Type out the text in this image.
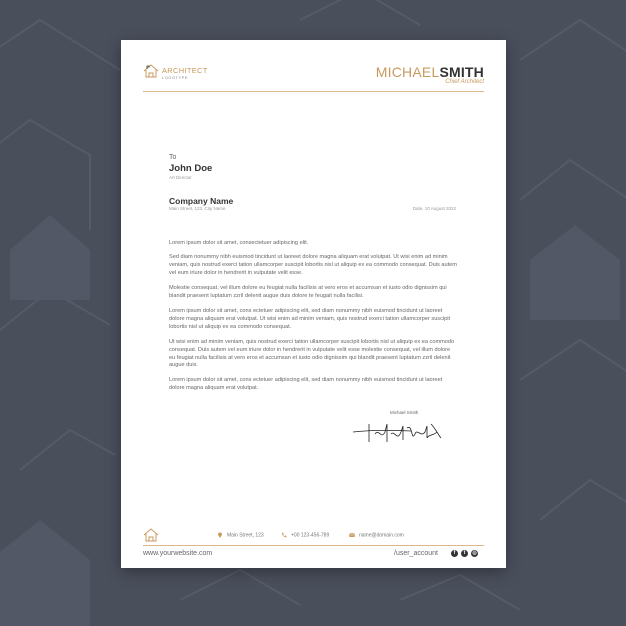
ARCHITECT
LOGOTYPE	MICHAELSMITH
Chief Architect
To
John Doe
Art Director
Company Name
Main Street, 123, City Name	Date, 10 August 2022
Lorem ipsum dolor sit amet, consectetuer adipiscing elit.
Sed diam nonummy nibh euismod tincidunt ut laoreet dolore magna aliquam erat volutpat. Ut wisi enim ad minim veniam, quis nostrud exerci tation ullamcorper suscipit lobortis nisl ut aliquip ex ea commodo consequat. Duis autem vel eum iriure dolor in hendrerit in vulputate velit esse.
Molestie consequat, vel illum dolore eu feugiat nulla facilisis at vero eros et accumsan et iusto odio dignissim qui blandit praesent luptatum zzril delenit augue duis dolore te feugait nulla facilisi.
Lorem ipsum dolor sit amet, cons ectetuer adipiscing elit, sed diam nonummy nibh euismod tincidunt ut laoreet dolore magna aliquam erat volutpat. Ut wisi enim ad minim veniam, quis nostrud exerci tation ullamcorper suscipit lobortis nisl ut aliquip ex ea commodo consequat.
Ut wisi enim ad minim veniam, quis nostrud exerci tation ullamcorper suscipit lobortis nisl ut aliquip ex ea commodo consequat. Duis autem vel eum iriure dolor in hendrerit in vulputate velit esse molestie consequat, vel illum dolore eu feugiat nulla facilisis at vero eros et accumsan et iusto odio dignissim qui blandit praesent luptatum zzril delenit augue duis.
Lorem ipsum dolor sit amet, cons ectetuer adipiscing elit, sed diam nonummy nibh euismod tincidunt ut laoreet dolore magna aliquam erat volutpat.
Michael Smith
Main Street, 123	+00 123-456-789	name@domain.com
www.yourwebsite.com	/user_account	f	t	◎
